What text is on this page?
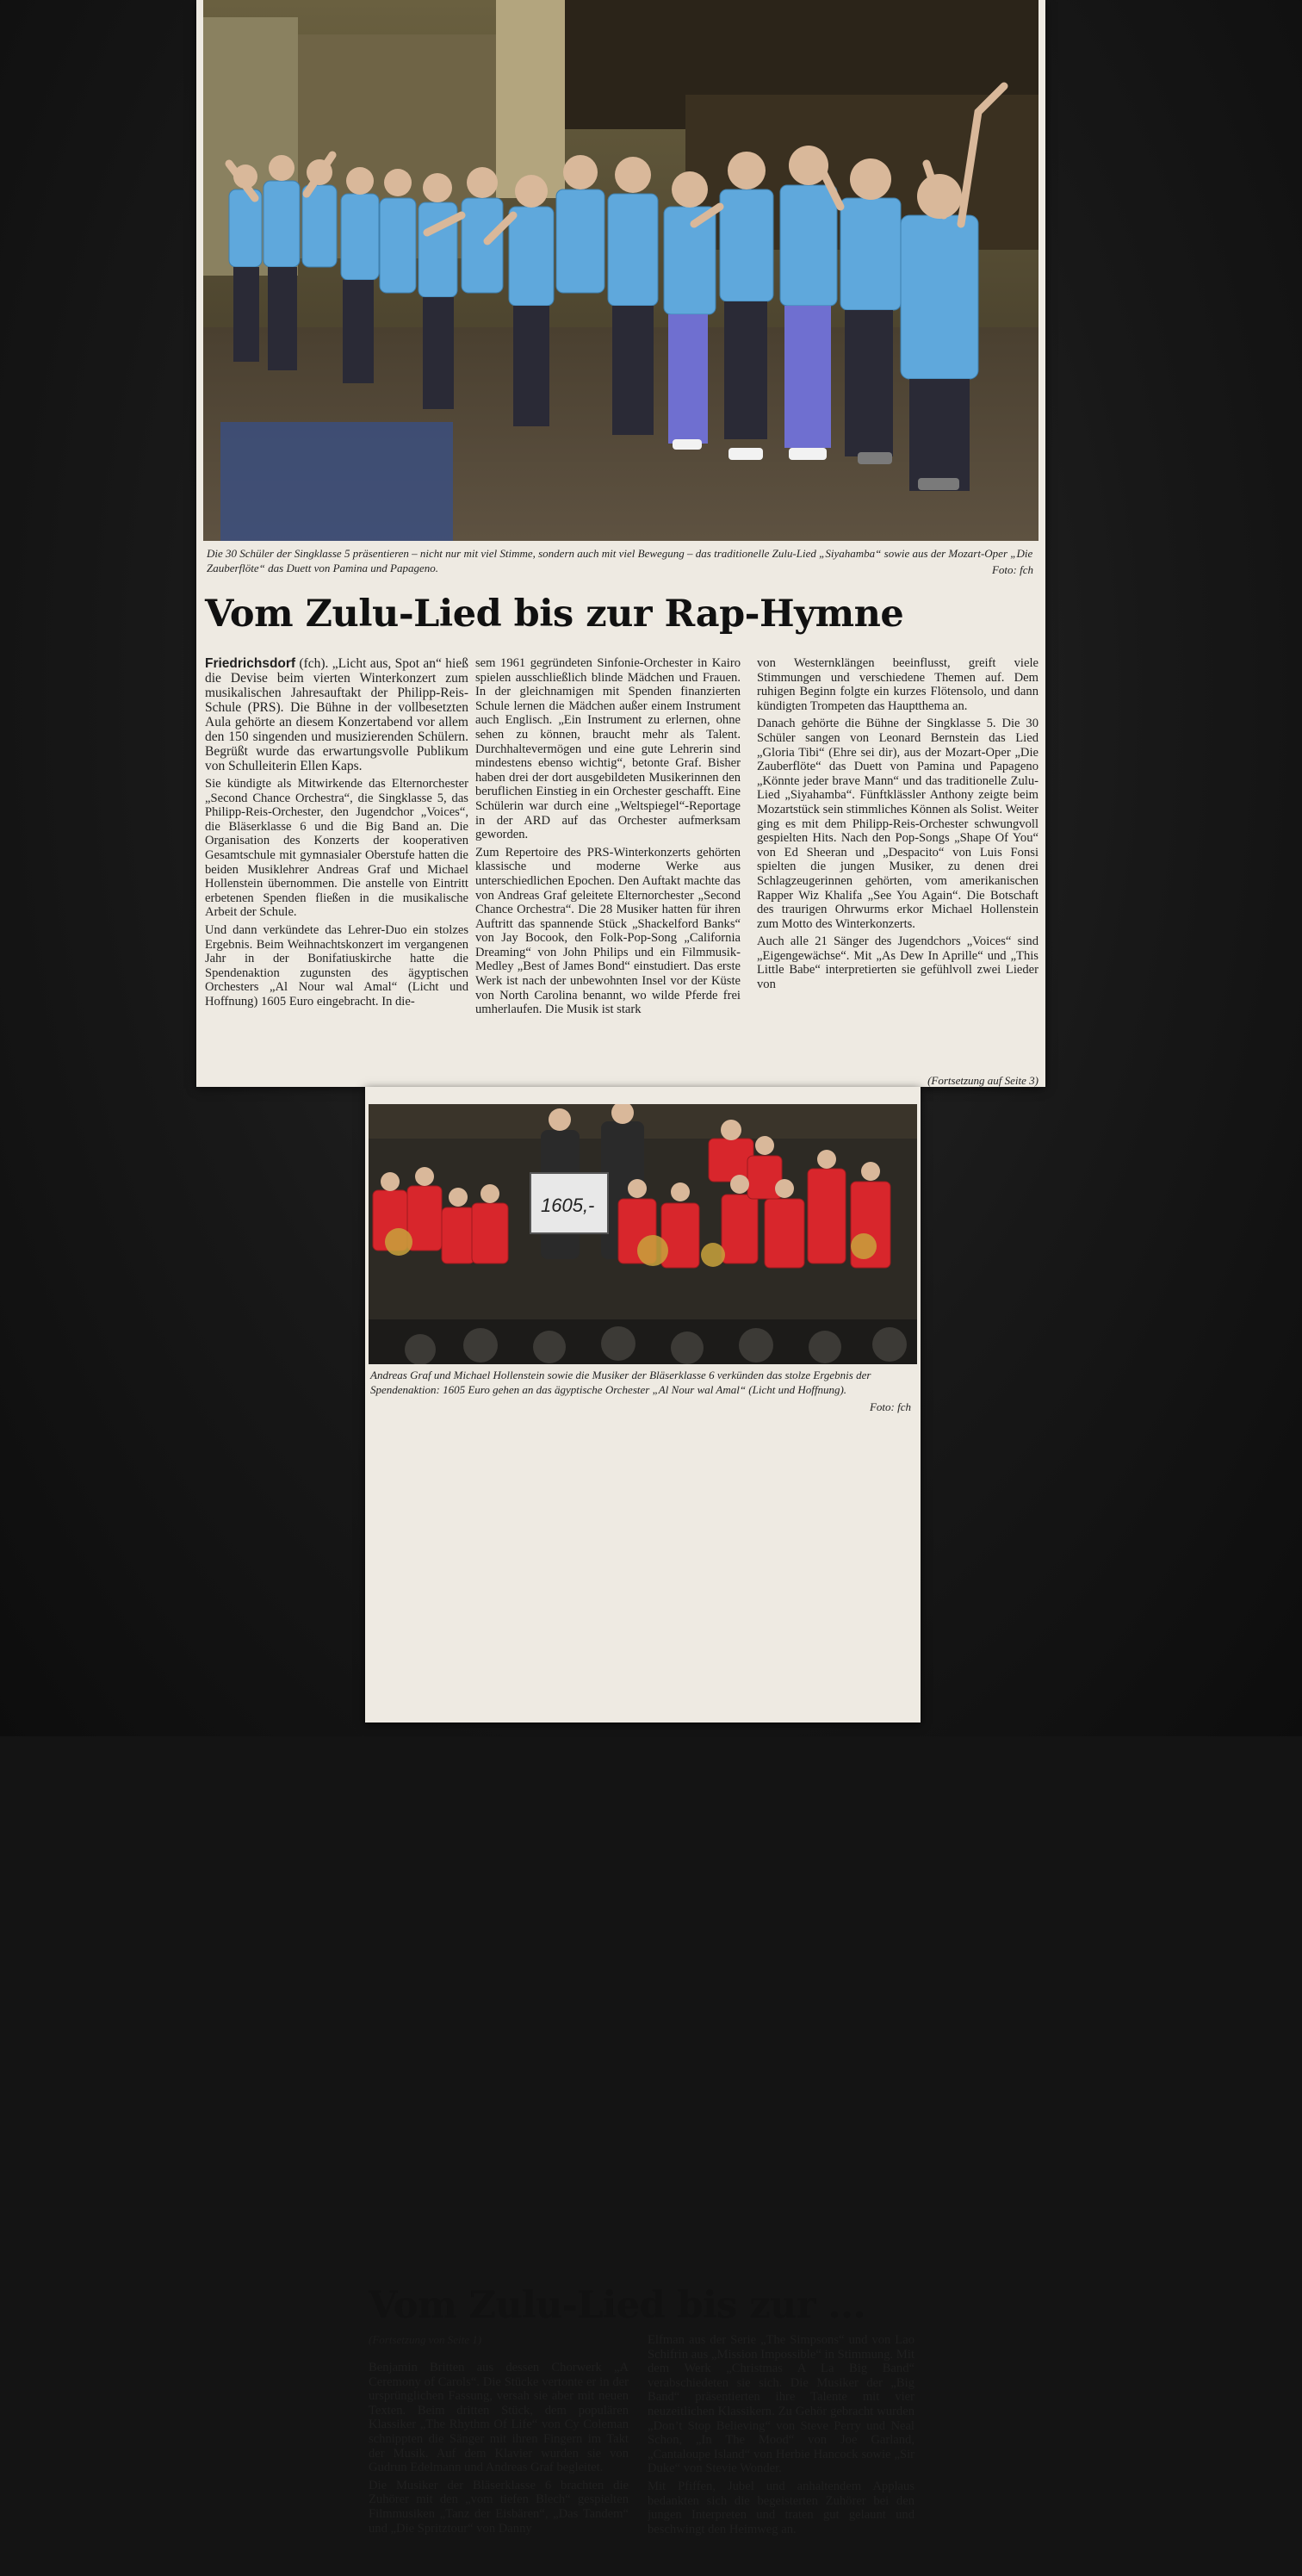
Die 30 Schüler der Singklasse 5 präsentieren – nicht nur mit viel Stimme, sondern auch mit viel Bewegung – das traditionelle Zulu-Lied „Siyahamba“ sowie aus der Mozart-Oper „Die Zauberflöte“ das Duett von Pamina und Papageno.	Foto: fch
Vom Zulu-Lied bis zur Rap-Hymne

Friedrichsdorf (fch). „Licht aus, Spot an“ hieß die Devise beim vierten Winterkonzert zum musikalischen Jahresauftakt der Philipp-Reis-Schule (PRS). Die Bühne in der vollbesetzten Aula gehörte an diesem Konzertabend vor allem den 150 singenden und musizierenden Schülern. Begrüßt wurde das erwartungsvolle Publikum von Schulleiterin Ellen Kaps.

Sie kündigte als Mitwirkende das Elternorchester „Second Chance Orchestra“, die Singklasse 5, das Philipp-Reis-Orchester, den Jugendchor „Voices“, die Bläserklasse 6 und die Big Band an. Die Organisation des Konzerts der kooperativen Gesamtschule mit gymnasialer Oberstufe hatten die beiden Musiklehrer Andreas Graf und Michael Hollenstein übernommen. Die anstelle von Eintritt erbetenen Spenden fließen in die musikalische Arbeit der Schule.

Und dann verkündete das Lehrer-Duo ein stolzes Ergebnis. Beim Weihnachtskonzert im vergangenen Jahr in der Bonifatiuskirche hatte die Spendenaktion zugunsten des ägyptischen Orchesters „Al Nour wal Amal“ (Licht und Hoffnung) 1605 Euro eingebracht. In die-

sem 1961 gegründeten Sinfonie-Orchester in Kairo spielen ausschließlich blinde Mädchen und Frauen. In der gleichnamigen mit Spenden finanzierten Schule lernen die Mädchen außer einem Instrument auch Englisch. „Ein Instrument zu erlernen, ohne sehen zu können, braucht mehr als Talent. Durchhaltevermögen und eine gute Lehrerin sind mindestens ebenso wichtig“, betonte Graf. Bisher haben drei der dort ausgebildeten Musikerinnen den beruflichen Einstieg in ein Orchester geschafft. Eine Schülerin war durch eine „Weltspiegel“-Reportage in der ARD auf das Orchester aufmerksam geworden.

Zum Repertoire des PRS-Winterkonzerts gehörten klassische und moderne Werke aus unterschiedlichen Epochen. Den Auftakt machte das von Andreas Graf geleitete Elternorchester „Second Chance Orchestra“. Die 28 Musiker hatten für ihren Auftritt das spannende Stück „Shackelford Banks“ von Jay Bocook, den Folk-Pop-Song „California Dreaming“ von John Philips und ein Filmmusik-Medley „Best of James Bond“ einstudiert. Das erste Werk ist nach der unbewohnten Insel vor der Küste von North Carolina benannt, wo wilde Pferde frei umherlaufen. Die Musik ist stark

von Westernklängen beeinflusst, greift viele Stimmungen und verschiedene Themen auf. Dem ruhigen Beginn folgte ein kurzes Flötensolo, und dann kündigten Trompeten das Hauptthema an.

Danach gehörte die Bühne der Singklasse 5. Die 30 Schüler sangen von Leonard Bernstein das Lied „Gloria Tibi“ (Ehre sei dir), aus der Mozart-Oper „Die Zauberflöte“ das Duett von Pamina und Papageno „Könnte jeder brave Mann“ und das traditionelle Zulu-Lied „Siyahamba“. Fünftklässler Anthony zeigte beim Mozartstück sein stimmliches Können als Solist. Weiter ging es mit dem Philipp-Reis-Orchester schwungvoll gespielten Hits. Nach den Pop-Songs „Shape Of You“ von Ed Sheeran und „Despacito“ von Luis Fonsi spielten die jungen Musiker, zu denen drei Schlagzeugerinnen gehörten, vom amerikanischen Rapper Wiz Khalifa „See You Again“. Die Botschaft des traurigen Ohrwurms erkor Michael Hollenstein zum Motto des Winterkonzerts.

Auch alle 21 Sänger des Jugendchors „Voices“ sind „Eigengewächse“. Mit „As Dew In Aprille“ und „This Little Babe“ interpretierten sie gefühlvoll zwei Lieder von

(Fortsetzung auf Seite 3)
1605,-
Andreas Graf und Michael Hollenstein sowie die Musiker der Bläserklasse 6 verkünden das stolze Ergebnis der Spendenaktion: 1605 Euro gehen an das ägyptische Orchester „Al Nour wal Amal“ (Licht und Hoffnung).
Foto: fch
Vom Zulu-Lied bis zur ...
(Fortsetzung von Seite 1)

Benjamin Britten aus dessen Chorwerk „A Ceremony of Carols“. Die Stücke vertonte er in der ursprünglichen Fassung, versah sie aber mit neuen Texten. Beim dritten Stück, dem populären Klassiker „The Rhythm Of Life“ von Cy Coleman schnippten die Sänger mit ihren Fingern im Takt der Musik. Auf dem Klavier wurden sie von Gudrun Edelmann und Andreas Graf begleitet.

Die Musiker der Bläserklasse 6 brachten die Zuhörer mit den „vom tiefen Blech“ gespielten Filmmusiken „Tanz der Eisbären“, „Das Tandem“ und „Die Spritztour“ von Danny

Elfman aus der Serie „The Simpsons“ und von Lao Schifrin aus „Mission Impossible“ in Stimmung. Mit dem Werk „Christmas A La Big Band“ verabschiedeten sie sich. Die Musiker der „Big Band“ präsentierten ihre Talente mit vier neuzeitlichen Klassikern. Zu Gehör gebracht wurden „Don’t Stop Believing“ von Steve Perry und Neal Schon, „In The Mood“ von Joe Garland, „Cantaloupe Island“ von Herbie Hancock sowie „Sir Duke“ von Stevie Wonder.

Mit Pfiffen, Jubel und anhaltendem Applaus bedankten sich die begeisterten Zuhörer bei den jungen Interpreten und traten gut gelaunt und beschwingt den Heimweg an.
